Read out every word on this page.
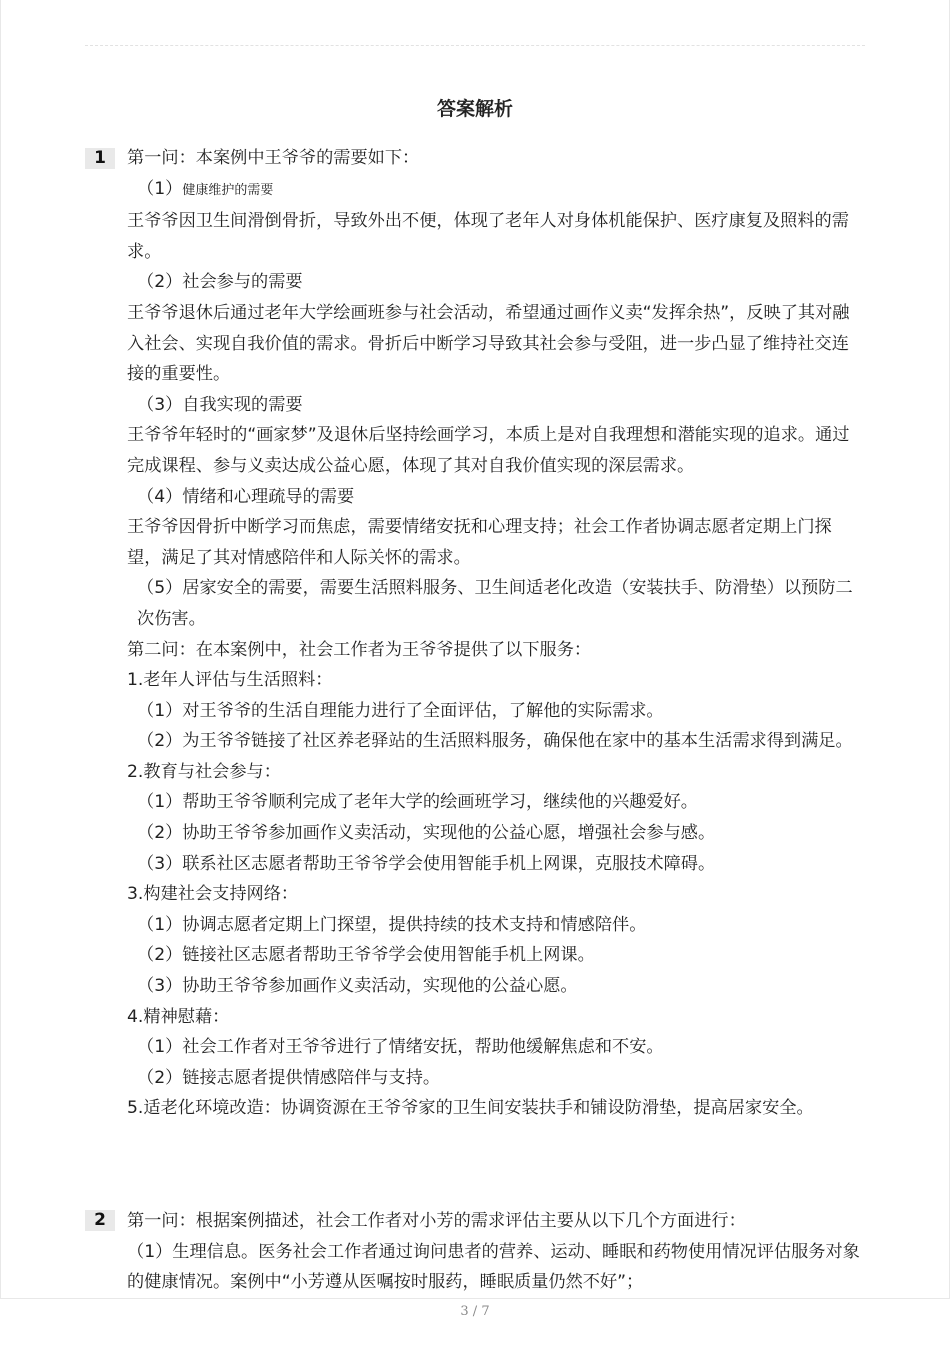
答案解析
1	第一问：本案例中王爷爷的需要如下：

（1）健康维护的需要

王爷爷因卫生间滑倒骨折，导致外出不便，体现了老年人对身体机能保护、医疗康复及照料的需求。

（2）社会参与的需要

王爷爷退休后通过老年大学绘画班参与社会活动，希望通过画作义卖“发挥余热”，反映了其对融入社会、实现自我价值的需求。骨折后中断学习导致其社会参与受阻，进一步凸显了维持社交连接的重要性。

（3）自我实现的需要

王爷爷年轻时的“画家梦”及退休后坚持绘画学习，本质上是对自我理想和潜能实现的追求。通过完成课程、参与义卖达成公益心愿，体现了其对自我价值实现的深层需求。

（4）情绪和心理疏导的需要

王爷爷因骨折中断学习而焦虑，需要情绪安抚和心理支持；社会工作者协调志愿者定期上门探望，满足了其对情感陪伴和人际关怀的需求。

（5）居家安全的需要，需要生活照料服务、卫生间适老化改造（安装扶手、防滑垫）以预防二次伤害。

第二问：在本案例中，社会工作者为王爷爷提供了以下服务：

1.老年人评估与生活照料：

（1）对王爷爷的生活自理能力进行了全面评估，了解他的实际需求。

（2）为王爷爷链接了社区养老驿站的生活照料服务，确保他在家中的基本生活需求得到满足。

2.教育与社会参与：

（1）帮助王爷爷顺利完成了老年大学的绘画班学习，继续他的兴趣爱好。

（2）协助王爷爷参加画作义卖活动，实现他的公益心愿，增强社会参与感。

（3）联系社区志愿者帮助王爷爷学会使用智能手机上网课，克服技术障碍。

3.构建社会支持网络：

（1）协调志愿者定期上门探望，提供持续的技术支持和情感陪伴。

（2）链接社区志愿者帮助王爷爷学会使用智能手机上网课。

（3）协助王爷爷参加画作义卖活动，实现他的公益心愿。

4.精神慰藉：

（1）社会工作者对王爷爷进行了情绪安抚，帮助他缓解焦虑和不安。

（2）链接志愿者提供情感陪伴与支持。

5.适老化环境改造：协调资源在王爷爷家的卫生间安装扶手和铺设防滑垫，提高居家安全。

2	第一问：根据案例描述，社会工作者对小芳的需求评估主要从以下几个方面进行：

（1）生理信息。医务社会工作者通过询问患者的营养、运动、睡眠和药物使用情况评估服务对象的健康情况。案例中“小芳遵从医嘱按时服药，睡眠质量仍然不好”；

3 / 7
